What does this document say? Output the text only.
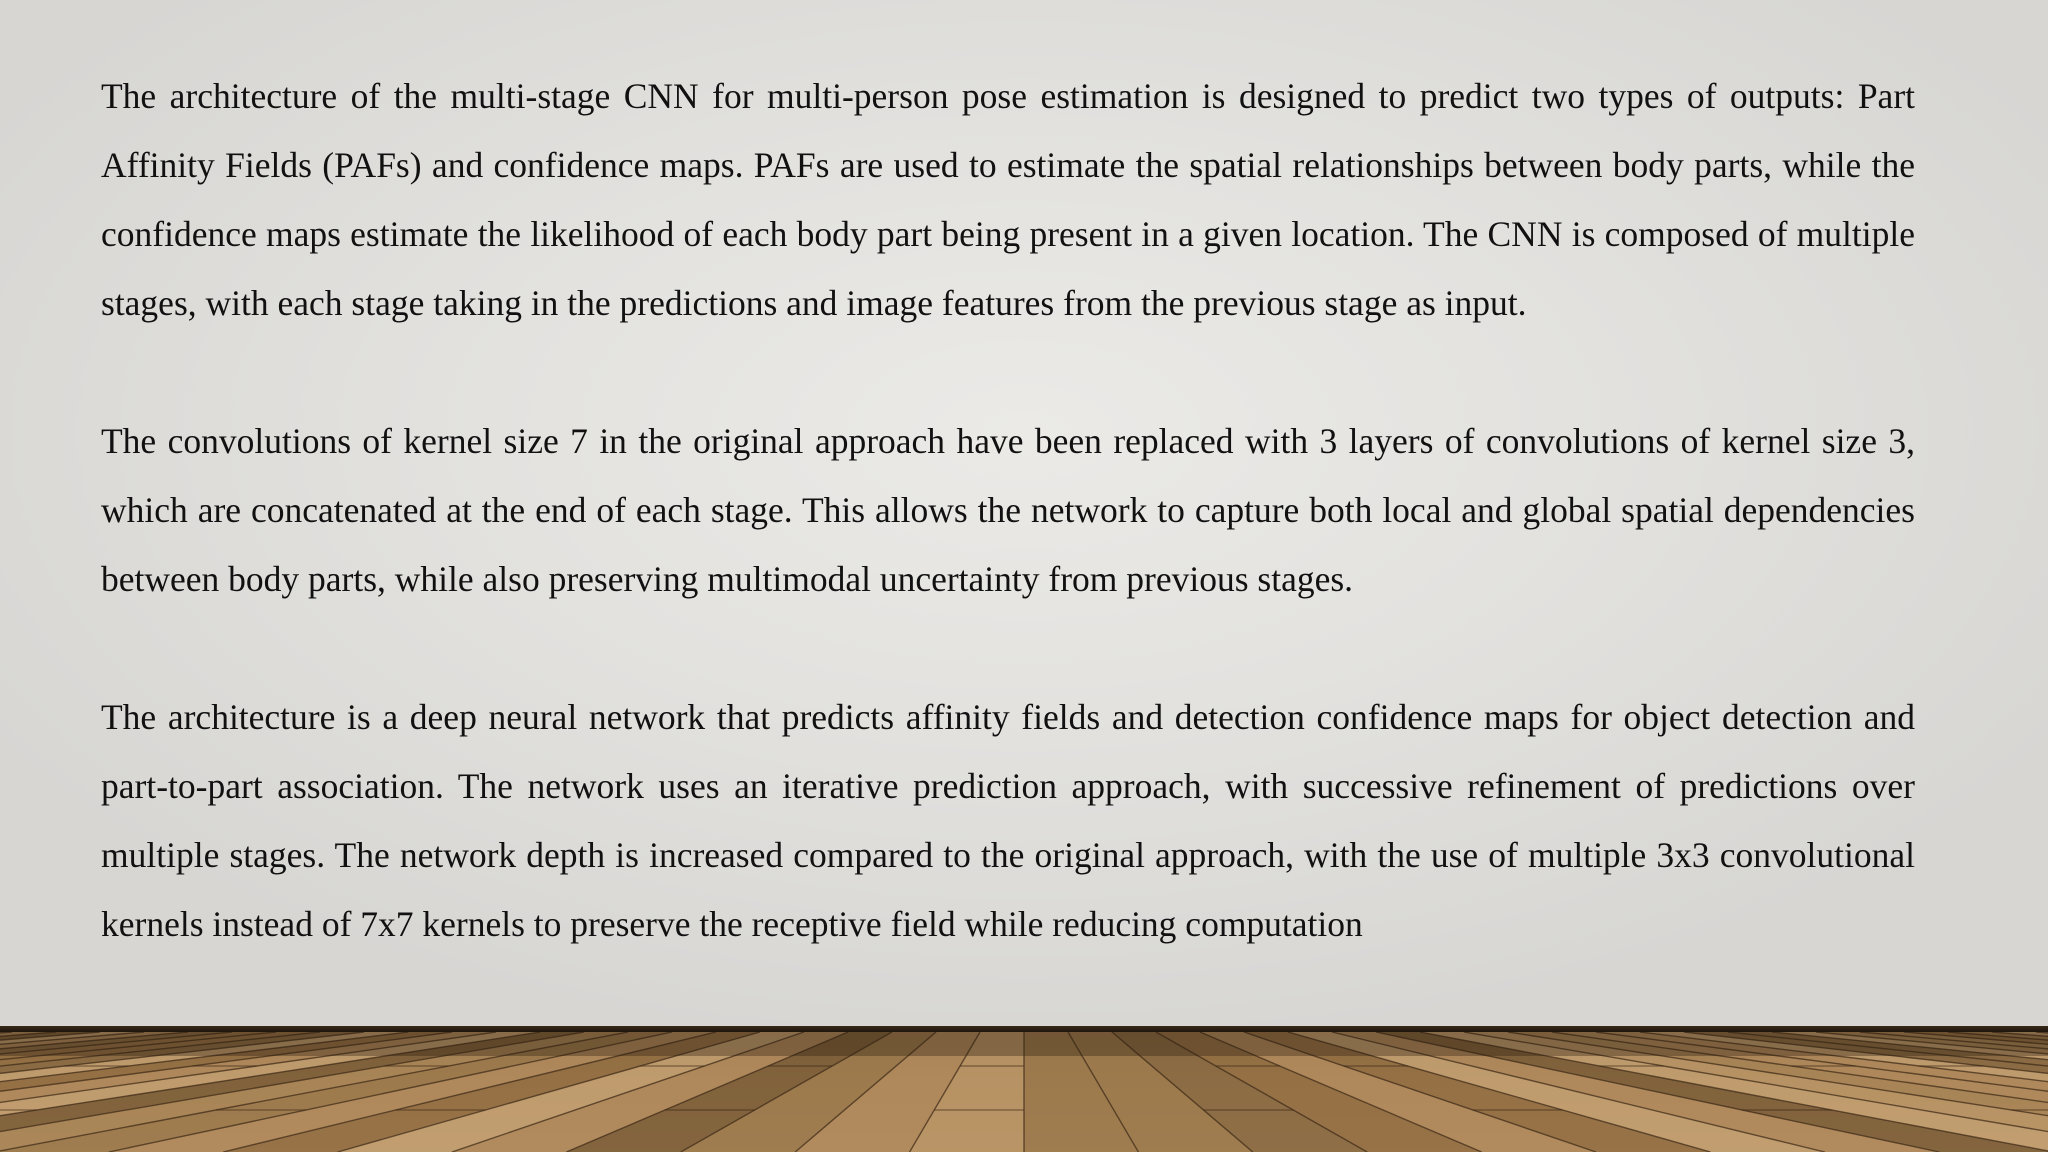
The architecture of the multi-stage CNN for multi-person pose estimation is designed to predict two types of outputs: Part Affinity Fields (PAFs) and confidence maps. PAFs are used to estimate the spatial relationships between body parts, while the confidence maps estimate the likelihood of each body part being present in a given location. The CNN is composed of multiple stages, with each stage taking in the predictions and image features from the previous stage as input.

The convolutions of kernel size 7 in the original approach have been replaced with 3 layers of convolutions of kernel size 3, which are concatenated at the end of each stage. This allows the network to capture both local and global spatial dependencies between body parts, while also preserving multimodal uncertainty from previous stages.

The architecture is a deep neural network that predicts affinity fields and detection confidence maps for object detection and part-to-part association. The network uses an iterative prediction approach, with successive refinement of predictions over multiple stages. The network depth is increased compared to the original approach, with the use of multiple 3x3 convolutional kernels instead of 7x7 kernels to preserve the receptive field while reducing computation
